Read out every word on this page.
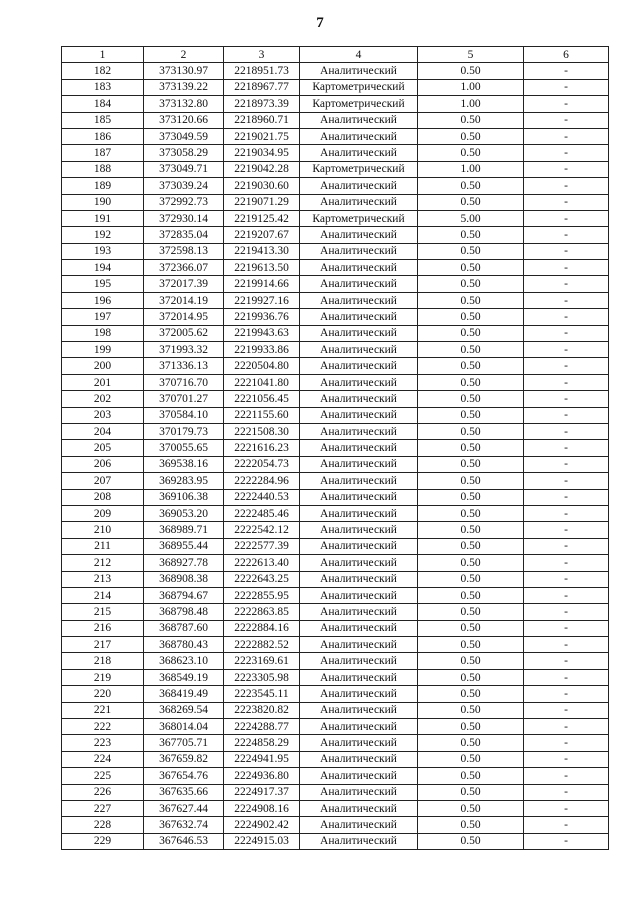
7
1	2	3	4	5	6
182	373130.97	2218951.73	Аналитический	0.50	-
183	373139.22	2218967.77	Картометрический	1.00	-
184	373132.80	2218973.39	Картометрический	1.00	-
185	373120.66	2218960.71	Аналитический	0.50	-
186	373049.59	2219021.75	Аналитический	0.50	-
187	373058.29	2219034.95	Аналитический	0.50	-
188	373049.71	2219042.28	Картометрический	1.00	-
189	373039.24	2219030.60	Аналитический	0.50	-
190	372992.73	2219071.29	Аналитический	0.50	-
191	372930.14	2219125.42	Картометрический	5.00	-
192	372835.04	2219207.67	Аналитический	0.50	-
193	372598.13	2219413.30	Аналитический	0.50	-
194	372366.07	2219613.50	Аналитический	0.50	-
195	372017.39	2219914.66	Аналитический	0.50	-
196	372014.19	2219927.16	Аналитический	0.50	-
197	372014.95	2219936.76	Аналитический	0.50	-
198	372005.62	2219943.63	Аналитический	0.50	-
199	371993.32	2219933.86	Аналитический	0.50	-
200	371336.13	2220504.80	Аналитический	0.50	-
201	370716.70	2221041.80	Аналитический	0.50	-
202	370701.27	2221056.45	Аналитический	0.50	-
203	370584.10	2221155.60	Аналитический	0.50	-
204	370179.73	2221508.30	Аналитический	0.50	-
205	370055.65	2221616.23	Аналитический	0.50	-
206	369538.16	2222054.73	Аналитический	0.50	-
207	369283.95	2222284.96	Аналитический	0.50	-
208	369106.38	2222440.53	Аналитический	0.50	-
209	369053.20	2222485.46	Аналитический	0.50	-
210	368989.71	2222542.12	Аналитический	0.50	-
211	368955.44	2222577.39	Аналитический	0.50	-
212	368927.78	2222613.40	Аналитический	0.50	-
213	368908.38	2222643.25	Аналитический	0.50	-
214	368794.67	2222855.95	Аналитический	0.50	-
215	368798.48	2222863.85	Аналитический	0.50	-
216	368787.60	2222884.16	Аналитический	0.50	-
217	368780.43	2222882.52	Аналитический	0.50	-
218	368623.10	2223169.61	Аналитический	0.50	-
219	368549.19	2223305.98	Аналитический	0.50	-
220	368419.49	2223545.11	Аналитический	0.50	-
221	368269.54	2223820.82	Аналитический	0.50	-
222	368014.04	2224288.77	Аналитический	0.50	-
223	367705.71	2224858.29	Аналитический	0.50	-
224	367659.82	2224941.95	Аналитический	0.50	-
225	367654.76	2224936.80	Аналитический	0.50	-
226	367635.66	2224917.37	Аналитический	0.50	-
227	367627.44	2224908.16	Аналитический	0.50	-
228	367632.74	2224902.42	Аналитический	0.50	-
229	367646.53	2224915.03	Аналитический	0.50	-
